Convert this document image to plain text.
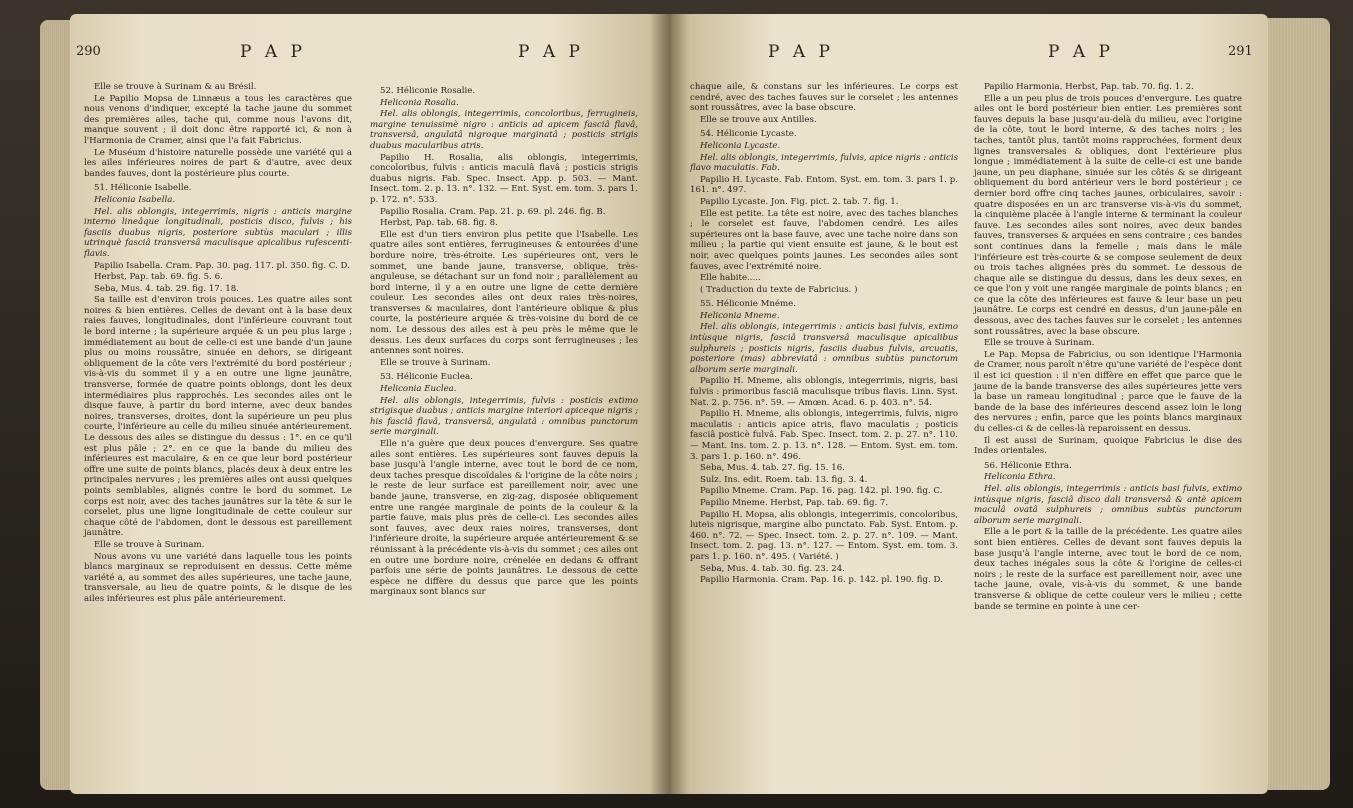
290	P A P	P A P

Elle se trouve à Surinam & au Brésil.

Le Papilio Mopsa de Linnæus a tous les caractères que nous venons d'indiquer, excepté la tache jaune du sommet des premières ailes, tache qui, comme nous l'avons dit, manque souvent ; il doit donc être rapporté ici, & non à l'Harmonia de Cramer, ainsi que l'a fait Fabricius.

Le Muséum d'histoire naturelle possède une variété qui a les ailes inférieures noires de part & d'autre, avec deux bandes fauves, dont la postérieure plus courte.

51. Héliconie Isabelle.

Heliconia Isabella.

Hel. alis oblongis, integerrimis, nigris : anticis margine interno lineâque longitudinali, posticis disco, fulvis ; his fasciis duabus nigris, posteriore subtùs maculari ; illis utrinquè fasciâ transversâ maculisque apicalibus rufescenti-flavis.

Papilio Isabella. Cram. Pap. 30. pag. 117. pl. 350. fig. C. D.

Herbst, Pap. tab. 69. fig. 5. 6.

Seba, Mus. 4. tab. 29. fig. 17. 18.

Sa taille est d'environ trois pouces. Les quatre ailes sont noires & bien entières. Celles de devant ont à la base deux raies fauves, longitudinales, dont l'inférieure couvrant tout le bord interne ; la supérieure arquée & un peu plus large ; immédiatement au bout de celle-ci est une bande d'un jaune plus ou moins roussâtre, sinuée en dehors, se dirigeant obliquement de la côte vers l'extrémité du bord postérieur ; vis-à-vis du sommet il y a en outre une ligne jaunâtre, transverse, formée de quatre points oblongs, dont les deux intermédiaires plus rapprochés. Les secondes ailes ont le disque fauve, à partir du bord interne, avec deux bandes noires, transverses, droites, dont la supérieure un peu plus courte, l'inférieure au celle du milieu sinuée antérieurement. Le dessous des ailes se distingue du dessus : 1°. en ce qu'il est plus pâle ; 2°. en ce que la bande du milieu des inférieures est maculaire, & en ce que leur bord postérieur offre une suite de points blancs, placés deux à deux entre les principales nervures ; les premières ailes ont aussi quelques points semblables, alignés contre le bord du sommet. Le corps est noir, avec des taches jaunâtres sur la tête & sur le corselet, plus une ligne longitudinale de cette couleur sur chaque côté de l'abdomen, dont le dessous est pareillement jaunâtre.

Elle se trouve à Surinam.

Nous avons vu une variété dans laquelle tous les points blancs marginaux se reproduisent en dessus. Cette même variété a, au sommet des ailes supérieures, une tache jaune, transversale, au lieu de quatre points, & le disque de les ailes inférieures est plus pâle antérieurement.

52. Héliconie Rosalie.

Heliconia Rosalia.

Hel. alis oblongis, integerrimis, concoloribus, ferrugineis, margine tenuissimè nigro : anticis ad apicem fasciâ flavâ, transversâ, angulatâ nigroque marginatâ ; posticis strigis duabus macularibus atris.

Papilio H. Rosalia, alis oblongis, integerrimis, concoloribus, fulvis : anticis maculâ flavâ ; posticis strigis duabus nigris. Fab. Spec. Insect. App. p. 503. — Mant. Insect. tom. 2. p. 13. n°. 132. — Ent. Syst. em. tom. 3. pars 1. p. 172. n°. 533.

Papilio Rosalia. Cram. Pap. 21. p. 69. pl. 246. fig. B.

Herbst, Pap. tab. 68. fig. 8.

Elle est d'un tiers environ plus petite que l'Isabelle. Les quatre ailes sont entières, ferrugineuses & entourées d'une bordure noire, très-étroite. Les supérieures ont, vers le sommet, une bande jaune, transverse, oblique, très-anguleuse, se détachant sur un fond noir ; parallèlement au bord interne, il y a en outre une ligne de cette dernière couleur. Les secondes ailes ont deux raies très-noires, transverses & maculaires, dont l'antérieure oblique & plus courte, la postérieure arquée & très-voisine du bord de ce nom. Le dessous des ailes est à peu près le même que le dessus. Les deux surfaces du corps sont ferrugineuses ; les antennes sont noires.

Elle se trouve à Surinam.

53. Héliconie Euclea.

Heliconia Euclea.

Hel. alis oblongis, integerrimis, fulvis : posticis extimo strigisque duabus ; anticis margine interiori apiceque nigris ; his fasciâ flavâ, transversâ, angulatâ : omnibus punctorum serie marginali.

Elle n'a guère que deux pouces d'envergure. Ses quatre ailes sont entières. Les supérieures sont fauves depuis la base jusqu'à l'angle interne, avec tout le bord de ce nom, deux taches presque discoïdales & l'origine de la côte noirs ; le reste de leur surface est pareillement noir, avec une bande jaune, transverse, en zig-zag, disposée obliquement entre une rangée marginale de points de la couleur & la partie fauve, mais plus près de celle-ci. Les secondes ailes sont fauves, avec deux raies noires, transverses, dont l'inférieure droite, la supérieure arquée antérieurement & se réunissant à la précédente vis-à-vis du sommet ; ces ailes ont en outre une bordure noire, crénelée en dedans & offrant parfois une série de points jaunâtres. Le dessous de cette espèce ne diffère du dessus que parce que les points marginaux sont blancs sur

P A P	P A P	291

chaque aile, & constans sur les inférieures. Le corps est cendré, avec des taches fauves sur le corselet ; les antennes sont roussâtres, avec la base obscure.

Elle se trouve aux Antilles.

54. Héliconie Lycaste.

Heliconia Lycaste.

Hel. alis oblongis, integerrimis, fulvis, apice nigris : anticis flavo maculatis. Fab.

Papilio H. Lycaste. Fab. Entom. Syst. em. tom. 3. pars 1. p. 161. n°. 497.

Papilio Lycaste. Jon. Fig. pict. 2. tab. 7. fig. 1.

Elle est petite. La tête est noire, avec des taches blanches ; le corselet est fauve, l'abdomen cendré. Les ailes supérieures ont la base fauve, avec une tache noire dans son milieu ; la partie qui vient ensuite est jaune, & le bout est noir, avec quelques points jaunes. Les secondes ailes sont fauves, avec l'extrémité noire.

Elle habite.....

( Traduction du texte de Fabricius. )

55. Héliconie Mnéme.

Heliconia Mneme.

Hel. alis oblongis, integerrimis : anticis basi fulvis, extimo intùsque nigris, fasciâ transversâ maculisque apicalibus sulphureis ; posticis nigris, fasciis duabus fulvis, arcuatis, posteriore (mas) abbreviatâ : omnibus subtùs punctorum alborum serie marginali.

Papilio H. Mneme, alis oblongis, integerrimis, nigris, basi fulvis : primoribus fasciâ maculisque tribus flavis. Linn. Syst. Nat. 2. p. 756. n°. 59. — Amœn. Acad. 6. p. 403. n°. 54.

Papilio H. Mneme, alis oblongis, integerrimis, fulvis, nigro maculatis : anticis apice atris, flavo maculatis ; posticis fasciâ posticè fulvâ. Fab. Spec. Insect. tom. 2. p. 27. n°. 110. — Mant. Ins. tom. 2. p. 13. n°. 128. — Entom. Syst. em. tom. 3. pars 1. p. 160. n°. 496.

Seba, Mus. 4. tab. 27. fig. 15. 16.

Sulz. Ins. edit. Roem. tab. 13. fig. 3. 4.

Papilio Mneme. Cram. Pap. 16. pag. 142. pl. 190. fig. C.

Papilio Mneme. Herbst, Pap. tab. 69. fig. 7.

Papilio H. Mopsa, alis oblongis, integerrimis, concoloribus, luteis nigrisque, margine albo punctato. Fab. Syst. Entom. p. 460. n°. 72. — Spec. Insect. tom. 2. p. 27. n°. 109. — Mant. Insect. tom. 2. pag. 13. n°. 127. — Entom. Syst. em. tom. 3. pars 1. p. 160. n°. 495. ( Variété. )

Seba, Mus. 4. tab. 30. fig. 23. 24.

Papilio Harmonia. Cram. Pap. 16. p. 142. pl. 190. fig. D.

Papilio Harmonia. Herbst, Pap. tab. 70. fig. 1. 2.

Elle a un peu plus de trois pouces d'envergure. Les quatre ailes ont le bord postérieur bien entier. Les premières sont fauves depuis la base jusqu'au-delà du milieu, avec l'origine de la côte, tout le bord interne, & des taches noirs ; les taches, tantôt plus, tantôt moins rapprochées, forment deux lignes transversales & obliques, dont l'extérieure plus longue ; immédiatement à la suite de celle-ci est une bande jaune, un peu diaphane, sinuée sur les côtés & se dirigeant obliquement du bord antérieur vers le bord postérieur ; ce dernier bord offre cinq taches jaunes, orbiculaires, savoir : quatre disposées en un arc transverse vis-à-vis du sommet, la cinquième placée à l'angle interne & terminant la couleur fauve. Les secondes ailes sont noires, avec deux bandes fauves, transverses & arquées en sens contraire ; ces bandes sont continues dans la femelle ; mais dans le mâle l'inférieure est très-courte & se compose seulement de deux ou trois taches alignées près du sommet. Le dessous de chaque aile se distingue du dessus, dans les deux sexes, en ce que l'on y voit une rangée marginale de points blancs ; en ce que la côte des inférieures est fauve & leur base un peu jaunâtre. Le corps est cendré en dessus, d'un jaune-pâle en dessous, avec des taches fauves sur le corselet ; les antennes sont roussâtres, avec la base obscure.

Elle se trouve à Surinam.

Le Pap. Mopsa de Fabricius, ou son identique l'Harmonia de Cramer, nous paroît n'être qu'une variété de l'espèce dont il est ici question : il n'en diffère en effet que parce que le jaune de la bande transverse des ailes supérieures jette vers la base un rameau longitudinal ; parce que le fauve de la bande de la base des inférieures descend assez loin le long des nervures ; enfin, parce que les points blancs marginaux du celles-ci & de celles-là reparoissent en dessus.

Il est aussi de Surinam, quoique Fabricius le dise des Indes orientales.

56. Héliconie Ethra.

Heliconia Ethra.

Hel. alis oblongis, integerrimis : anticis basi fulvis, extimo intùsque nigris, fasciâ disco dali transversâ & antè apicem maculâ ovatâ sulphureis ; omnibus subtùs punctorum alborum serie marginali.

Elle a le port & la taille de la précédente. Les quatre ailes sont bien entières. Celles de devant sont fauves depuis la base jusqu'à l'angle interne, avec tout le bord de ce nom, deux taches inégales sous la côte & l'origine de celles-ci noirs ; le reste de la surface est pareillement noir, avec une tache jaune, ovale, vis-à-vis du sommet, & une bande transverse & oblique de cette couleur vers le milieu ; cette bande se termine en pointe à une cer-
